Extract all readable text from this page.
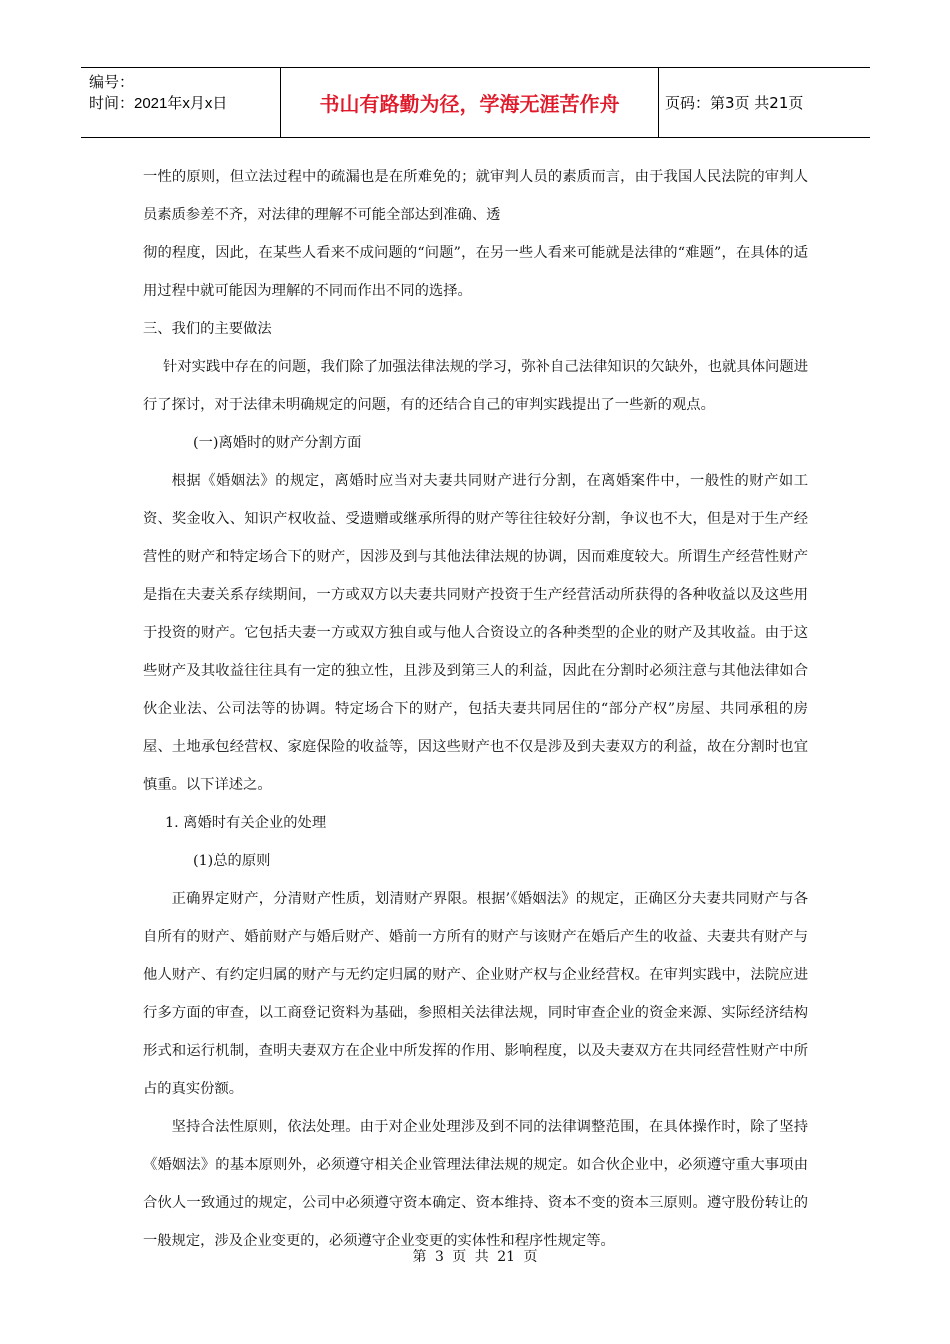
编号：
时间：2021年x月x日	书山有路勤为径，学海无涯苦作舟	页码：第3页 共21页

一性的原则，但立法过程中的疏漏也是在所难免的；就审判人员的素质而言，由于我国人民法院的审判人员素质参差不齐，对法律的理解不可能全部达到准确、透

彻的程度，因此，在某些人看来不成问题的“问题”，在另一些人看来可能就是法律的“难题”，在具体的适用过程中就可能因为理解的不同而作出不同的选择。

三、我们的主要做法

针对实践中存在的问题，我们除了加强法律法规的学习，弥补自己法律知识的欠缺外，也就具体问题进行了探讨，对于法律未明确规定的问题，有的还结合自己的审判实践提出了一些新的观点。

(一)离婚时的财产分割方面

根据《婚姻法》的规定，离婚时应当对夫妻共同财产进行分割，在离婚案件中，一般性的财产如工资、奖金收入、知识产权收益、受遗赠或继承所得的财产等往往较好分割，争议也不大，但是对于生产经营性的财产和特定场合下的财产，因涉及到与其他法律法规的协调，因而难度较大。所谓生产经营性财产是指在夫妻关系存续期间，一方或双方以夫妻共同财产投资于生产经营活动所获得的各种收益以及这些用于投资的财产。它包括夫妻一方或双方独自或与他人合资设立的各种类型的企业的财产及其收益。由于这些财产及其收益往往具有一定的独立性，且涉及到第三人的利益，因此在分割时必须注意与其他法律如合伙企业法、公司法等的协调。特定场合下的财产，包括夫妻共同居住的“部分产权”房屋、共同承租的房屋、土地承包经营权、家庭保险的收益等，因这些财产也不仅是涉及到夫妻双方的利益，故在分割时也宜慎重。以下详述之。

1. 离婚时有关企业的处理

(1)总的原则

正确界定财产，分清财产性质，划清财产界限。根据’《婚姻法》的规定，正确区分夫妻共同财产与各自所有的财产、婚前财产与婚后财产、婚前一方所有的财产与该财产在婚后产生的收益、夫妻共有财产与他人财产、有约定归属的财产与无约定归属的财产、企业财产权与企业经营权。在审判实践中，法院应进行多方面的审查，以工商登记资料为基础，参照相关法律法规，同时审查企业的资金来源、实际经济结构形式和运行机制，查明夫妻双方在企业中所发挥的作用、影响程度，以及夫妻双方在共同经营性财产中所占的真实份额。

坚持合法性原则，依法处理。由于对企业处理涉及到不同的法律调整范围，在具体操作时，除了坚持《婚姻法》的基本原则外，必须遵守相关企业管理法律法规的规定。如合伙企业中，必须遵守重大事项由合伙人一致通过的规定，公司中必须遵守资本确定、资本维持、资本不变的资本三原则。遵守股份转让的一般规定，涉及企业变更的，必须遵守企业变更的实体性和程序性规定等。

第 3 页 共 21 页
